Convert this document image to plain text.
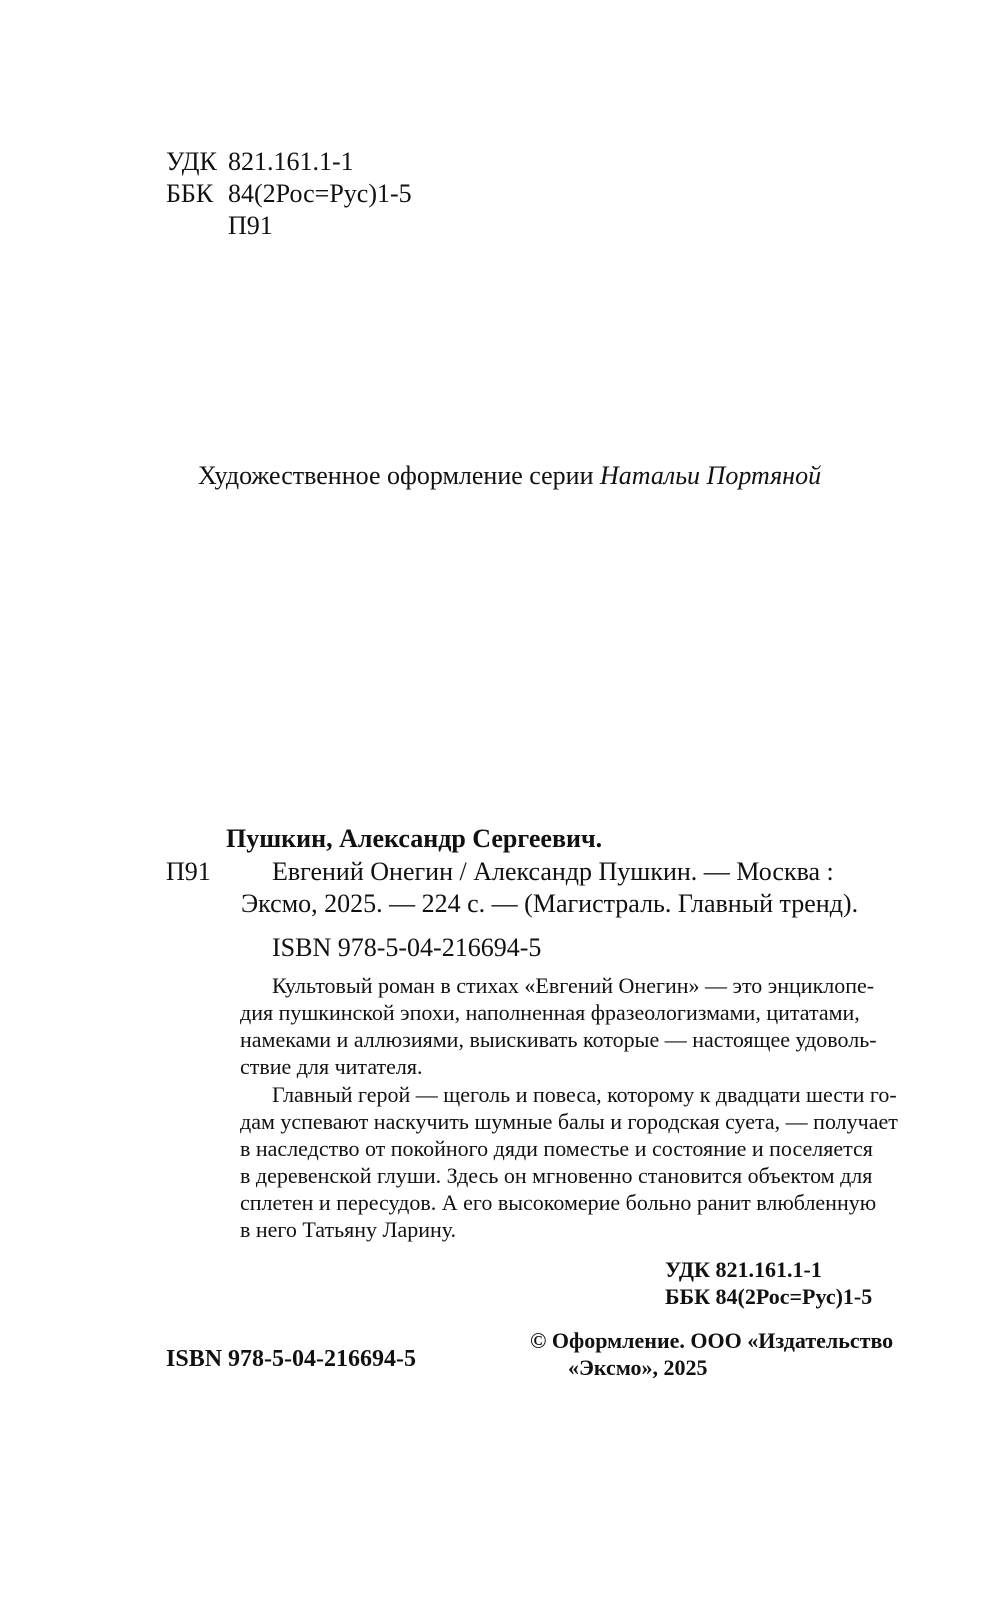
УДК 821.161.1-1
ББК 84(2Рос=Рус)1-5
П91
Художественное оформление серии Натальи Портяной
Пушкин, Александр Сергеевич.
П91 Евгений Онегин / Александр Пушкин. — Москва :
Эксмо, 2025. — 224 с. — (Магистраль. Главный тренд).
ISBN 978-5-04-216694-5
Культовый роман в стихах «Евгений Онегин» — это энциклопе-
дия пушкинской эпохи, наполненная фразеологизмами, цитатами,
намеками и аллюзиями, выискивать которые — настоящее удоволь-
ствие для читателя.
Главный герой — щеголь и повеса, которому к двадцати шести го-
дам успевают наскучить шумные балы и городская суета, — получает
в наследство от покойного дяди поместье и состояние и поселяется
в деревенской глуши. Здесь он мгновенно становится объектом для
сплетен и пересудов. А его высокомерие больно ранит влюбленную
в него Татьяну Ларину.
УДК 821.161.1-1
ББК 84(2Рос=Рус)1-5
© Оформление. ООО «Издательство
«Эксмо», 2025
ISBN 978-5-04-216694-5
